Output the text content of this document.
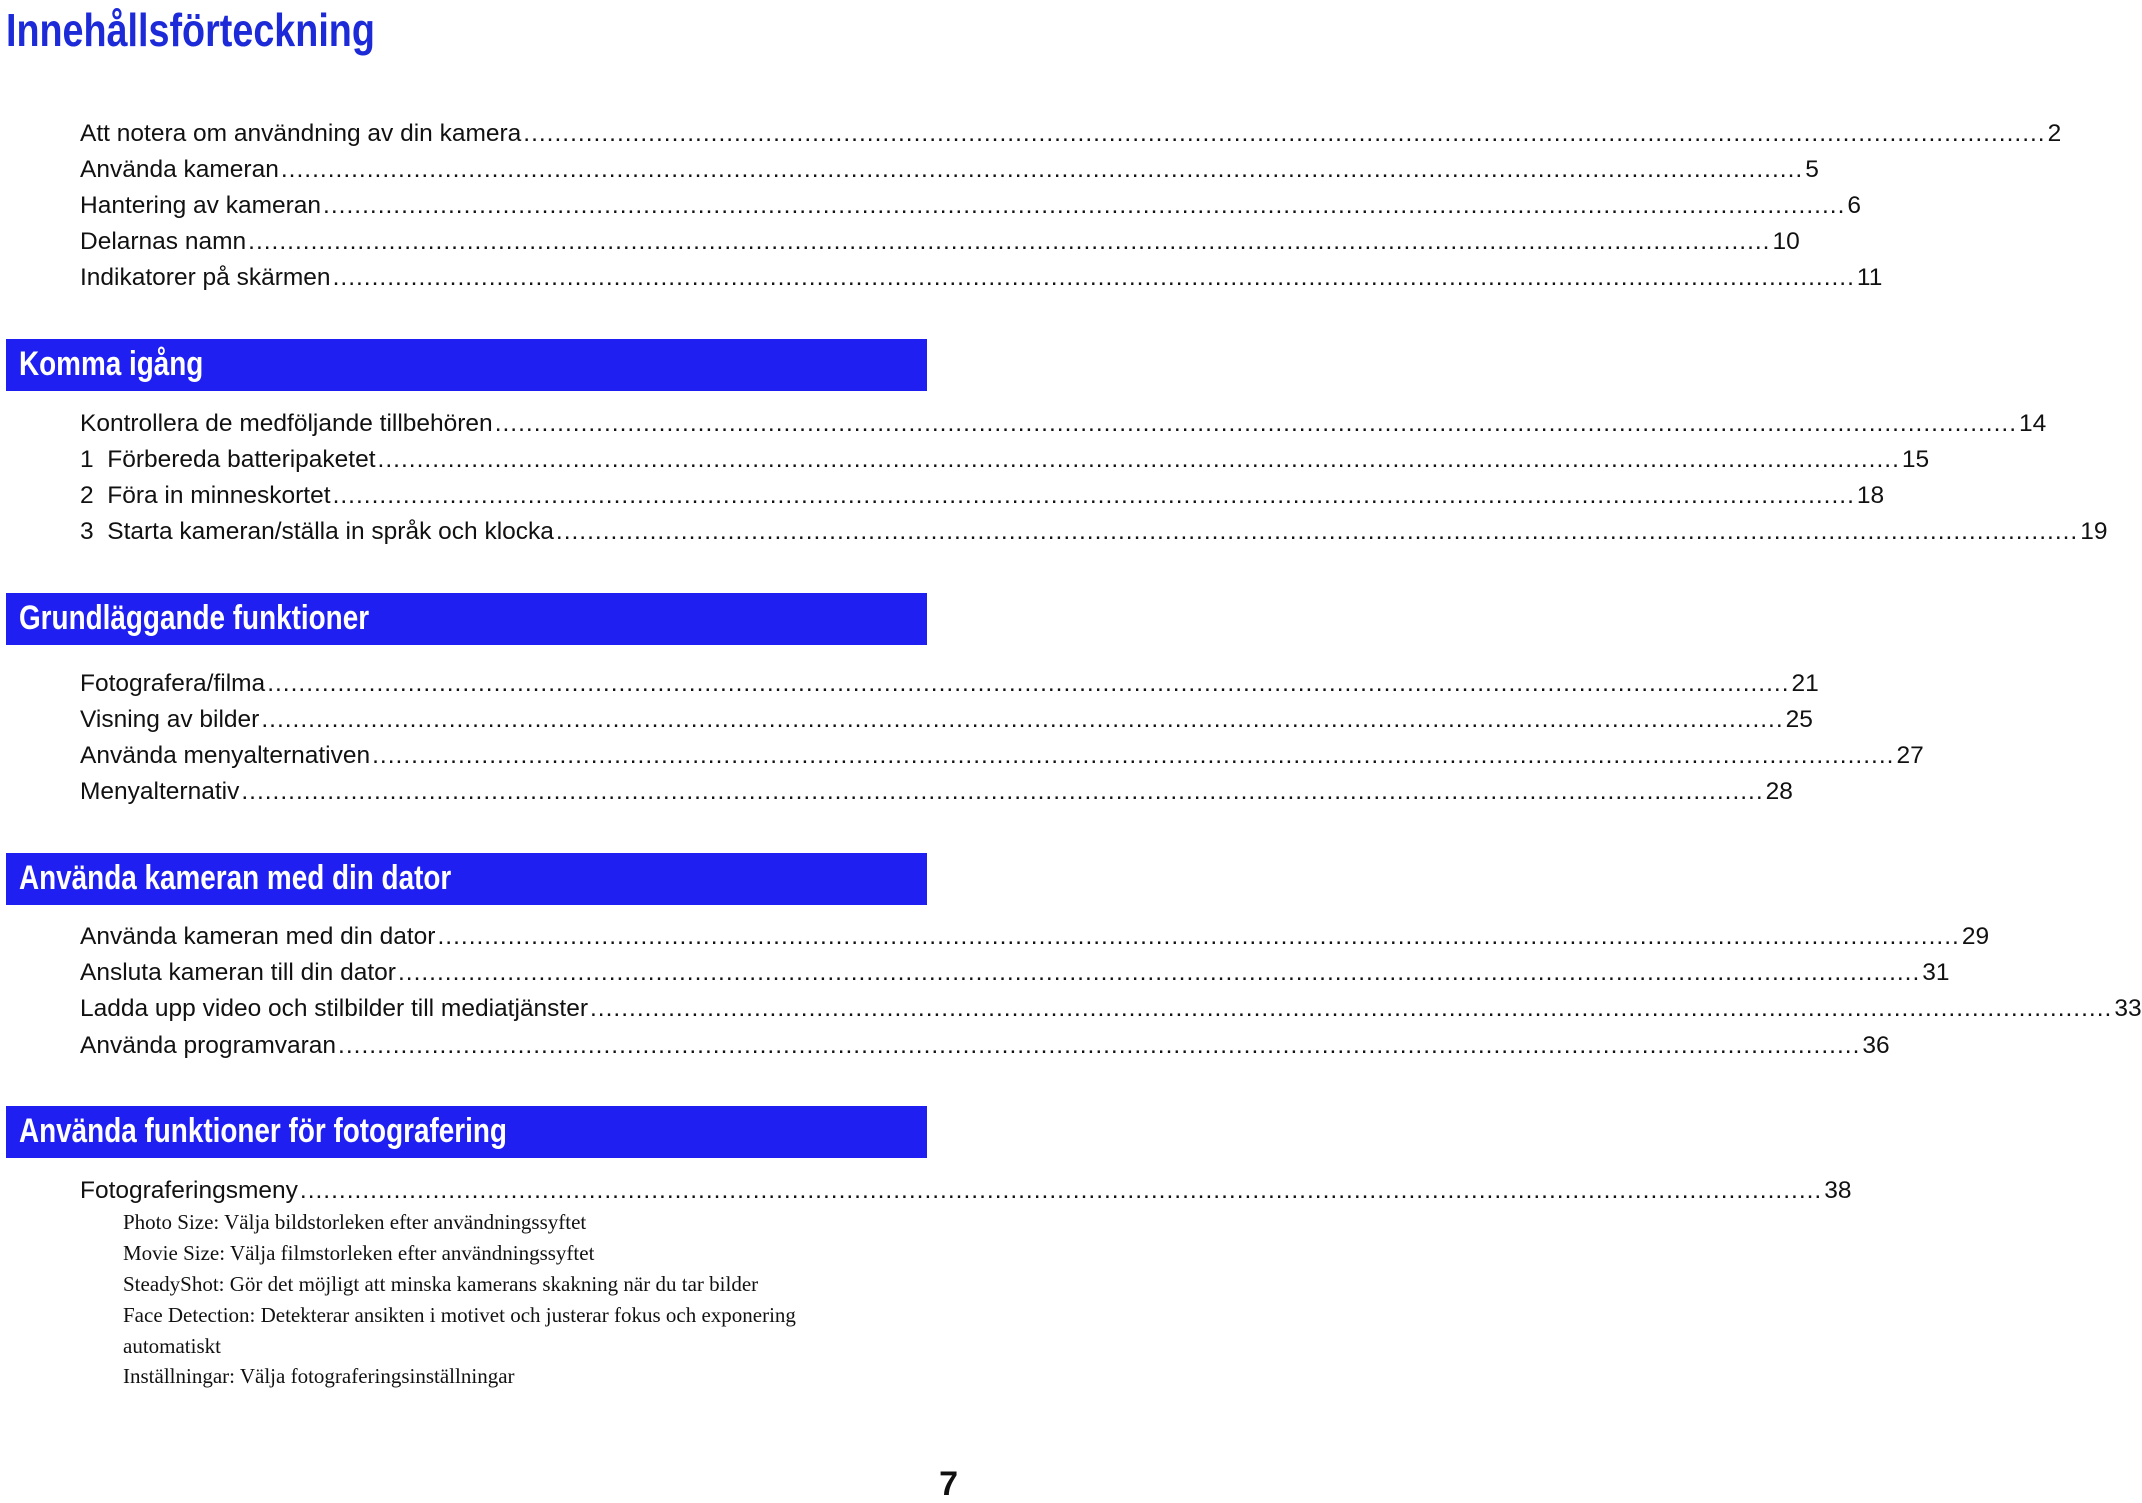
Innehållsförteckning
Att notera om användning av din kamera ................................................................................................................................................................................................... 2
Använda kameran ................................................................................................................................................................................................... 5
Hantering av kameran ................................................................................................................................................................................................... 6
Delarnas namn ................................................................................................................................................................................................... 10
Indikatorer på skärmen ................................................................................................................................................................................................... 11
Komma igång
Kontrollera de medföljande tillbehören ................................................................................................................................................................................................... 14
1  Förbereda batteripaketet ................................................................................................................................................................................................... 15
2  Föra in minneskortet ................................................................................................................................................................................................... 18
3  Starta kameran/ställa in språk och klocka ................................................................................................................................................................................................... 19
Grundläggande funktioner
Fotografera/filma ................................................................................................................................................................................................... 21
Visning av bilder ................................................................................................................................................................................................... 25
Använda menyalternativen ................................................................................................................................................................................................... 27
Menyalternativ ................................................................................................................................................................................................... 28
Använda kameran med din dator
Använda kameran med din dator ................................................................................................................................................................................................... 29
Ansluta kameran till din dator ................................................................................................................................................................................................... 31
Ladda upp video och stilbilder till mediatjänster ................................................................................................................................................................................................... 33
Använda programvaran ................................................................................................................................................................................................... 36
Använda funktioner för fotografering
Fotograferingsmeny ................................................................................................................................................................................................... 38
Photo Size: Välja bildstorleken efter användningssyftet
Movie Size: Välja filmstorleken efter användningssyftet
SteadyShot: Gör det möjligt att minska kamerans skakning när du tar bilder
Face Detection: Detekterar ansikten i motivet och justerar fokus och exponering automatiskt
Inställningar: Välja fotograferingsinställningar
7
